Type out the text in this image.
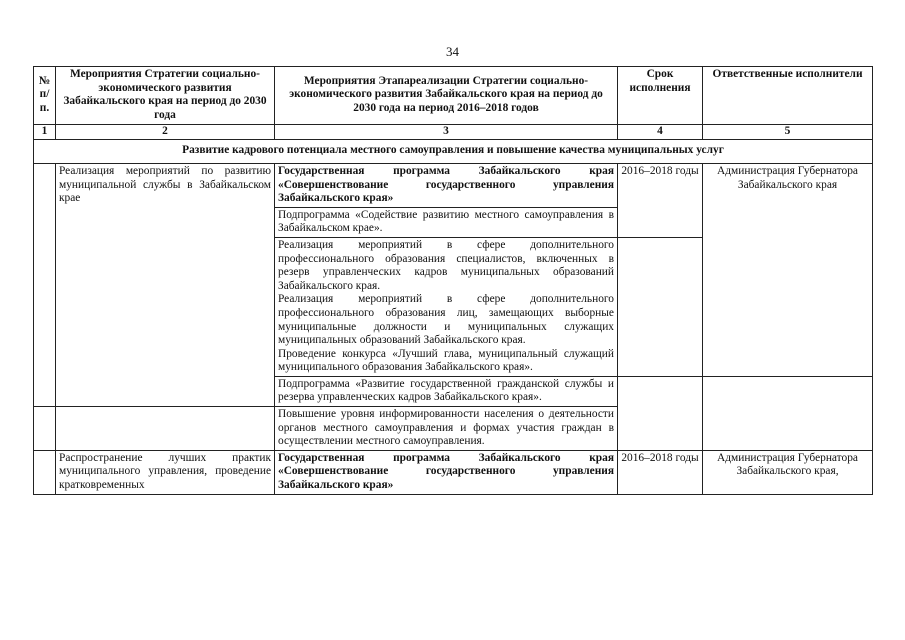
34
№ п/п.	Мероприятия Стратегии социально-экономического развития Забайкальского края на период до 2030 года	Мероприятия Этапареализации Стратегии социально-экономического развития Забайкальского края на период до 2030 года на период 2016–2018 годов	Срок исполнения	Ответственные исполнители
1	2	3	4	5
Развитие кадрового потенциала местного самоуправления и повышение качества муниципальных услуг				
	Реализация мероприятий по развитию муниципальной службы в Забайкальском крае	Государственная программа Забайкальского края «Совершенствование государственного управления Забайкальского края»	2016–2018 годы	Администрация Губернатора Забайкальского края
		Подпрограмма «Содействие развитию местного самоуправления в Забайкальском крае».		

		Реализация мероприятий в сфере дополнительного профессионального образования специалистов, включенных в резерв управленческих кадров муниципальных образований Забайкальского края.
Реализация мероприятий в сфере дополнительного профессионального образования лиц, замещающих выборные муниципальные должности и муниципальных служащих муниципальных образований Забайкальского края.
Проведение конкурса «Лучший глава, муниципальный служащий муниципального образования Забайкальского края».		

		Подпрограмма «Развитие государственной гражданской службы и резерва управленческих кадров Забайкальского края».		
		Повышение уровня информированности населения о деятельности органов местного самоуправления и формах участия граждан в осуществлении местного самоуправления.		
	Распространение лучших практик муниципального управления, проведение кратковременных	Государственная программа Забайкальского края «Совершенствование государственного управления Забайкальского края»	2016–2018 годы	Администрация Губернатора Забайкальского края,
